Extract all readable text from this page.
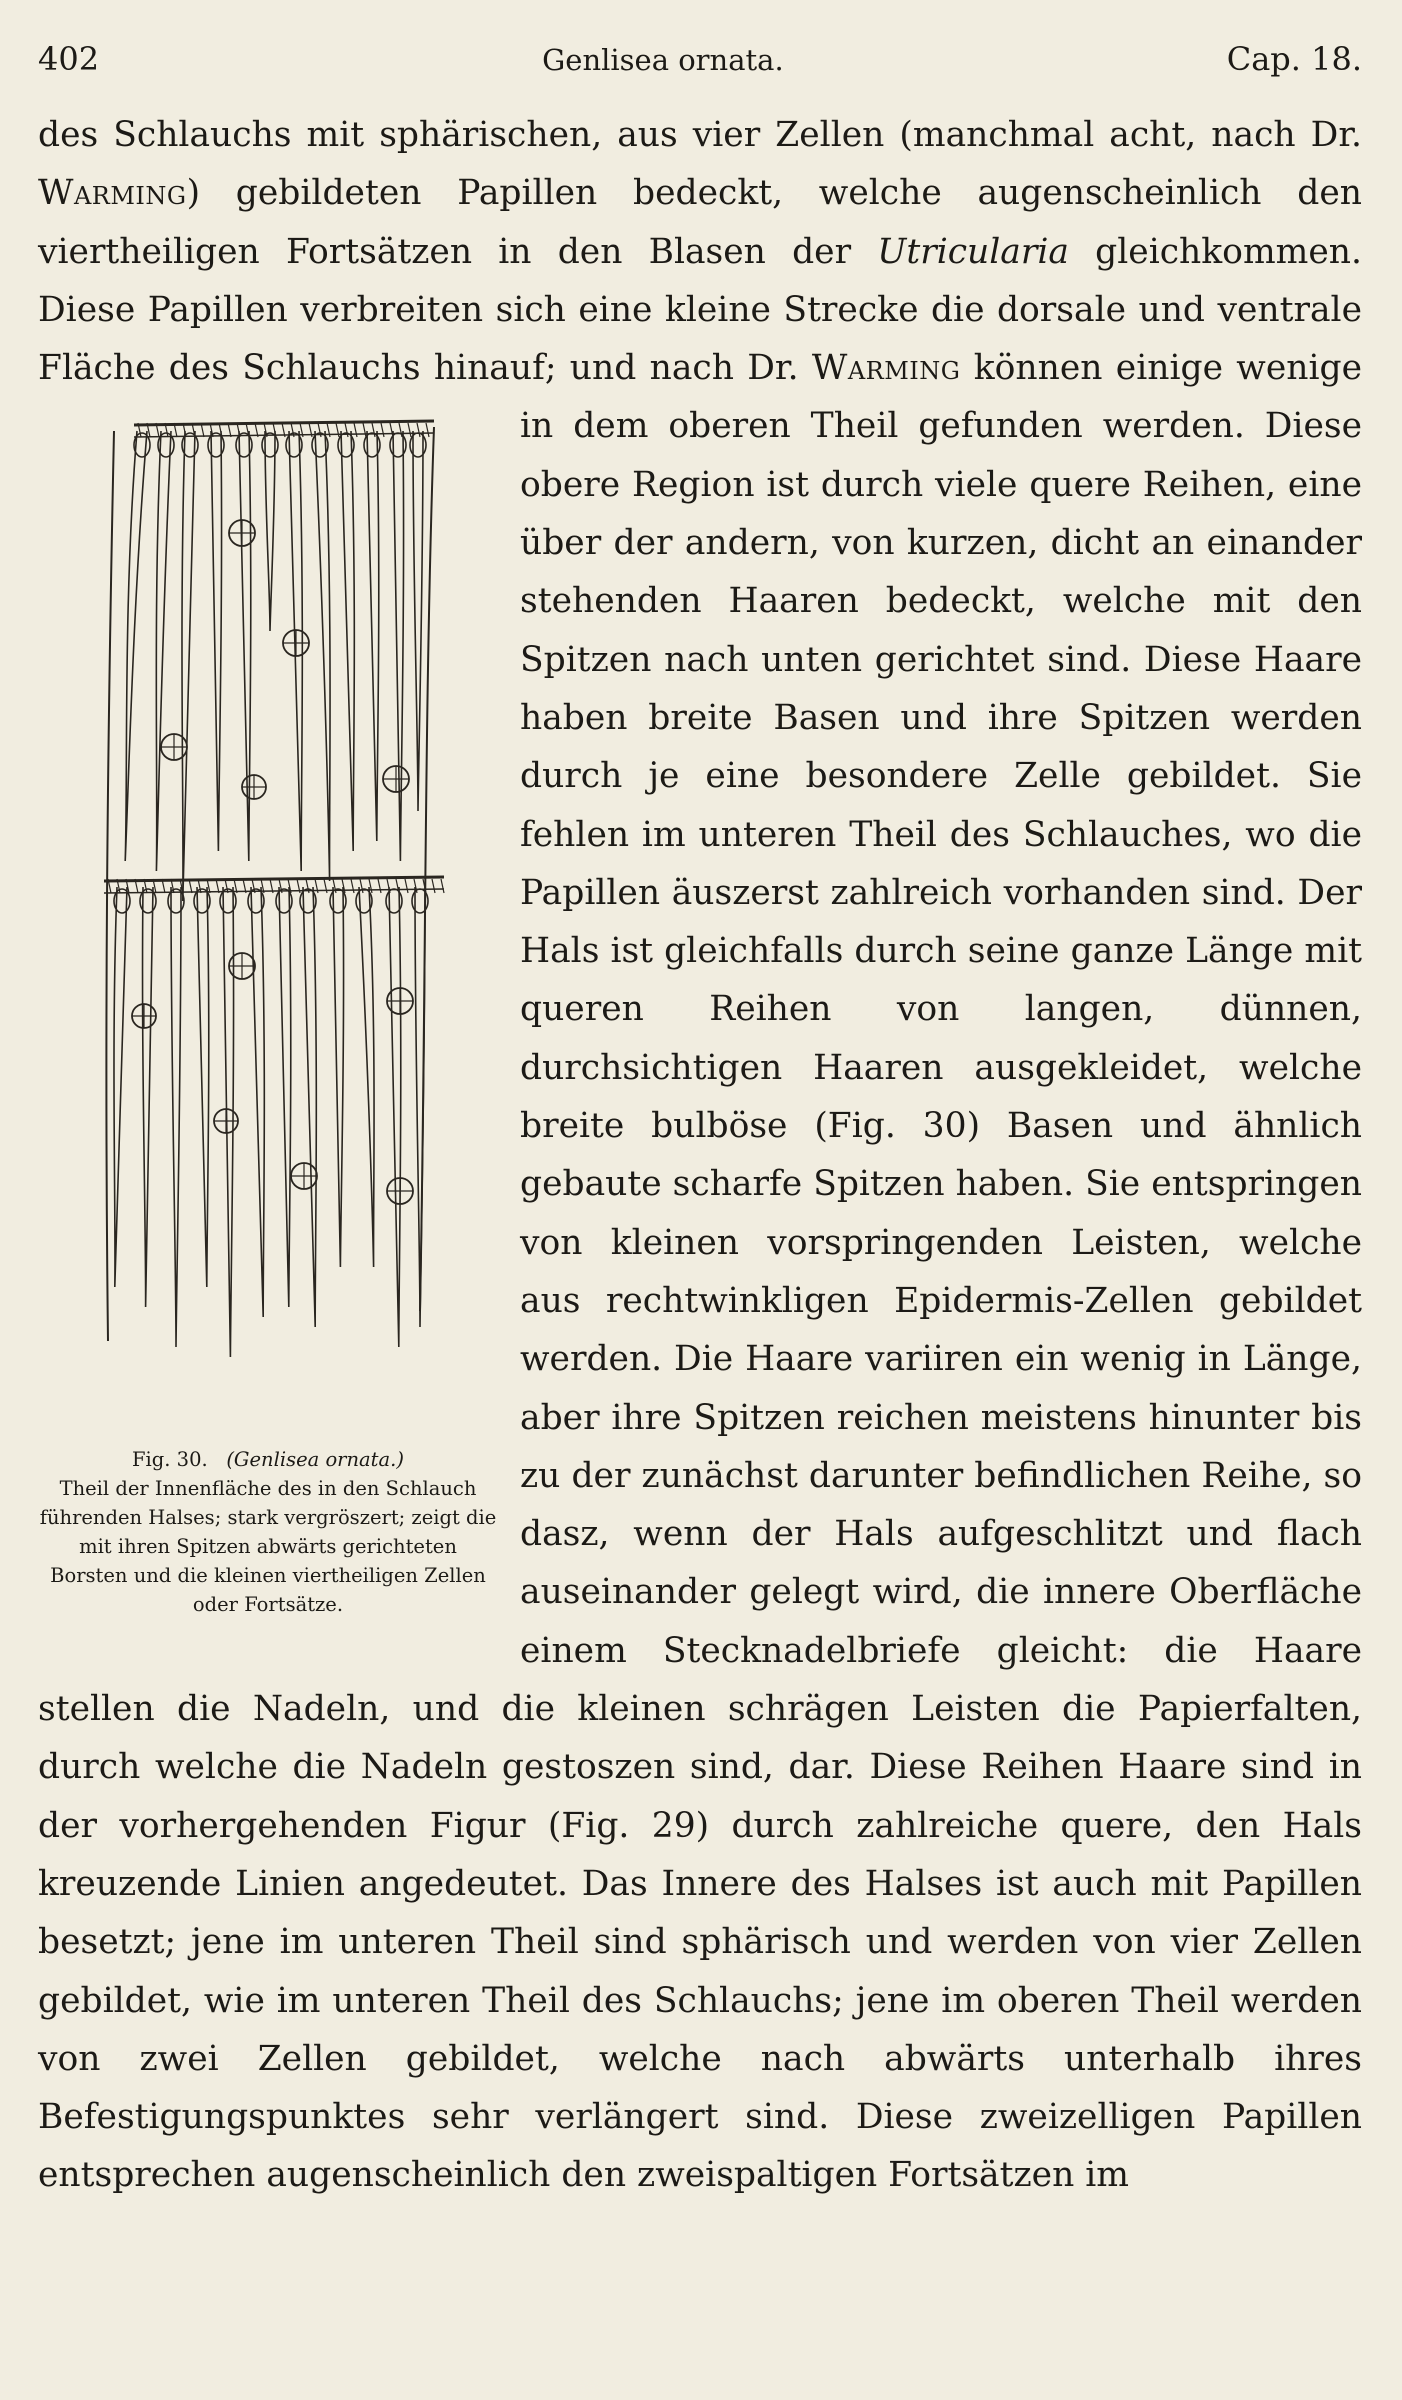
402	Genlisea ornata.	Cap. 18.
des Schlauchs mit sphärischen, aus vier Zellen (manchmal acht, nach Dr. Warming) gebildeten Papillen bedeckt, welche augenscheinlich den viertheiligen Fortsätzen in den Blasen der Utricularia gleichkommen. Diese Papillen verbreiten sich eine kleine Strecke die dorsale und ventrale Fläche des Schlauchs hinauf; und nach Dr. Warming
Fig. 30. (Genlisea ornata.)
Theil der Innenfläche des in den Schlauch führenden Halses; stark vergröszert; zeigt die mit ihren Spitzen abwärts gerichteten Borsten und die kleinen viertheiligen Zellen oder Fortsätze.
können einige wenige in dem oberen Theil gefunden werden. Diese obere Region ist durch viele quere Reihen, eine über der andern, von kurzen, dicht an einander stehenden Haaren bedeckt, welche mit den Spitzen nach unten gerichtet sind. Diese Haare haben breite Basen und ihre Spitzen werden durch je eine besondere Zelle gebildet. Sie fehlen im unteren Theil des Schlauches, wo die Papillen äuszerst zahlreich vorhanden sind. Der Hals ist gleichfalls durch seine ganze Länge mit queren Reihen von langen, dünnen, durchsichtigen Haaren ausgekleidet, welche breite bulböse (Fig. 30) Basen und ähnlich gebaute scharfe Spitzen haben. Sie entspringen von kleinen vorspringenden Leisten, welche aus rechtwinkligen Epidermis-Zellen gebildet werden. Die Haare variiren ein wenig in Länge, aber ihre Spitzen reichen meistens hinunter bis zu der zunächst darunter befindlichen Reihe, so dasz, wenn der Hals aufgeschlitzt und flach auseinander gelegt wird, die innere Oberfläche einem Stecknadelbriefe gleicht: die Haare stellen die Nadeln, und die kleinen schrägen Leisten die Papierfalten, durch welche die Nadeln gestoszen sind, dar. Diese Reihen Haare sind in der vorhergehenden Figur (Fig. 29) durch zahlreiche quere, den Hals kreuzende Linien angedeutet. Das Innere des Halses ist auch mit Papillen besetzt; jene im unteren Theil sind sphärisch und werden von vier Zellen gebildet, wie im unteren Theil des Schlauchs; jene im oberen Theil werden von zwei Zellen gebildet, welche nach abwärts unterhalb ihres Befestigungspunktes sehr verlängert sind. Diese zweizelligen Papillen entsprechen augenscheinlich den zweispaltigen Fortsätzen im
